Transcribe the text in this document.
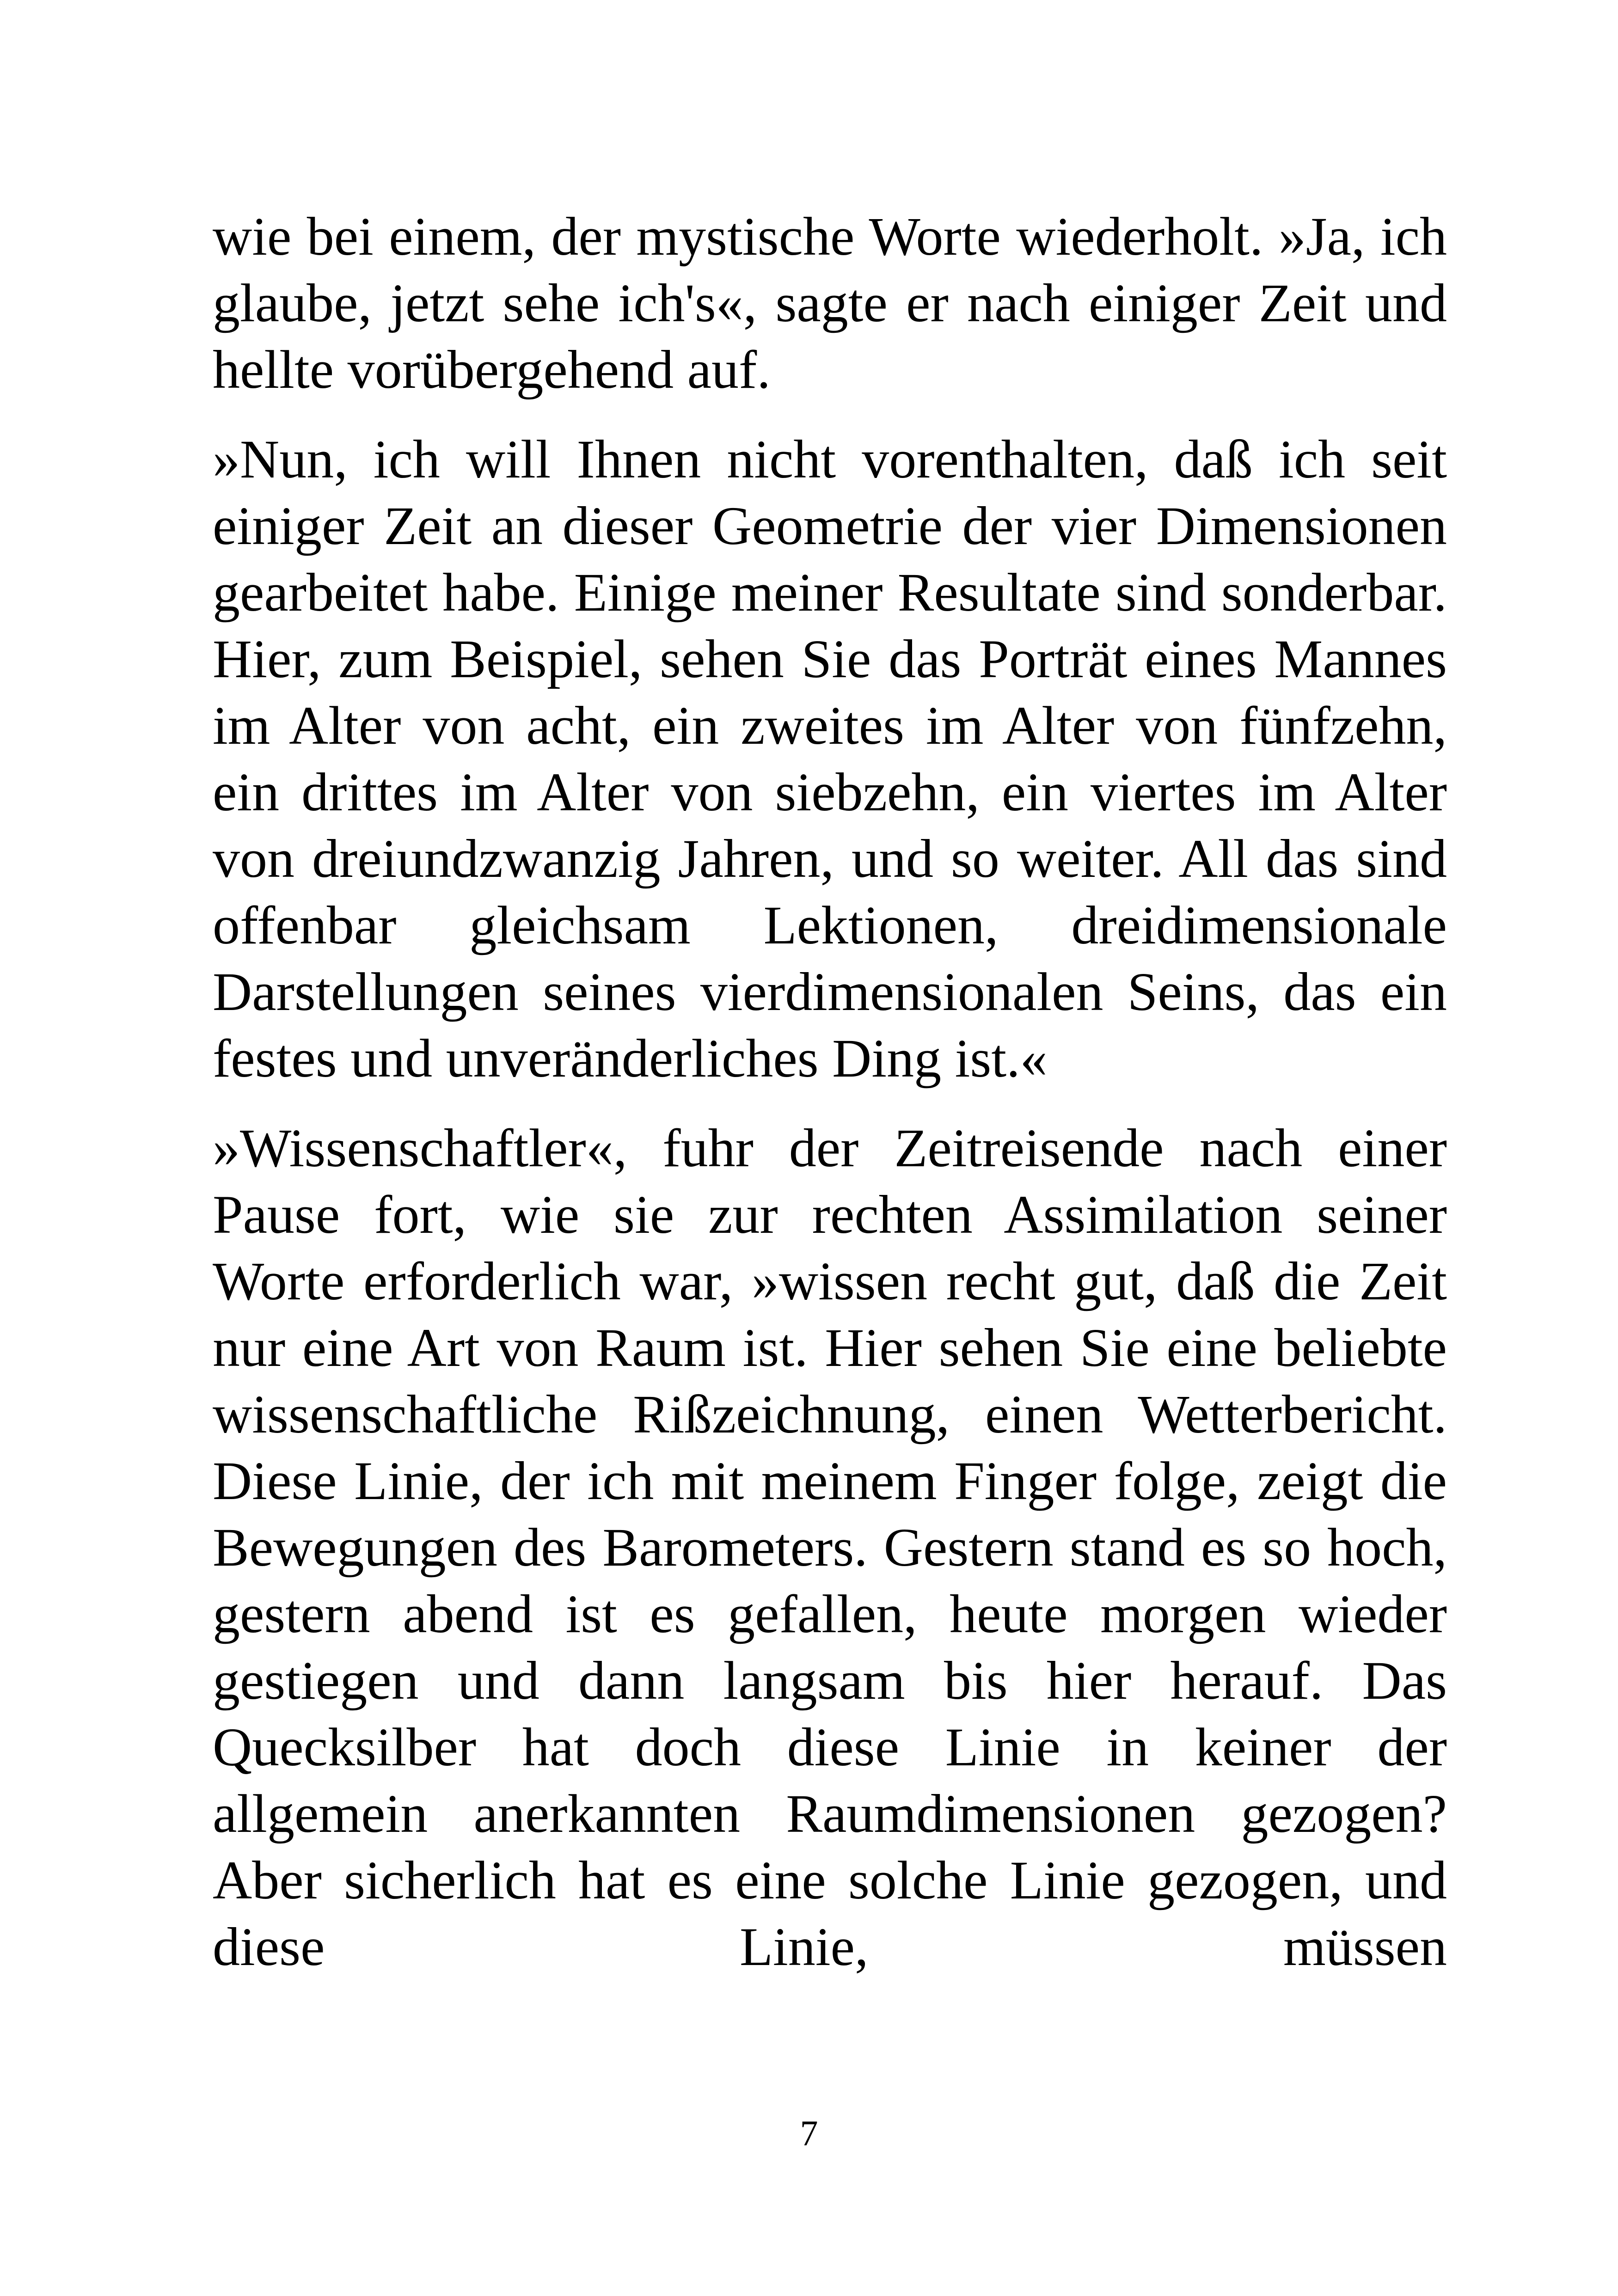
wie bei einem, der mystische Worte wiederholt. »Ja, ich glaube, jetzt sehe ich's«, sagte er nach einiger Zeit und hellte vorübergehend auf.

»Nun, ich will Ihnen nicht vorenthalten, daß ich seit einiger Zeit an dieser Geometrie der vier Dimensionen gearbeitet habe. Einige meiner Resultate sind sonderbar. Hier, zum Beispiel, sehen Sie das Porträt eines Mannes im Alter von acht, ein zweites im Alter von fünfzehn, ein drittes im Alter von siebzehn, ein viertes im Alter von dreiundzwanzig Jahren, und so weiter. All das sind offenbar gleichsam Lektionen, dreidimensionale Darstellungen seines vierdimensionalen Seins, das ein festes und unveränderliches Ding ist.«

»Wissenschaftler«, fuhr der Zeitreisende nach einer Pause fort, wie sie zur rechten Assimilation seiner Worte erforderlich war, »wissen recht gut, daß die Zeit nur eine Art von Raum ist. Hier sehen Sie eine beliebte wissenschaftliche Rißzeichnung, einen Wetterbericht. Diese Linie, der ich mit meinem Finger folge, zeigt die Bewegungen des Barometers. Gestern stand es so hoch, gestern abend ist es gefallen, heute morgen wieder gestiegen und dann langsam bis hier herauf. Das Quecksilber hat doch diese Linie in keiner der allgemein anerkannten Raumdimensionen gezogen? Aber sicherlich hat es eine solche Linie gezogen, und diese Linie, müssen

7
